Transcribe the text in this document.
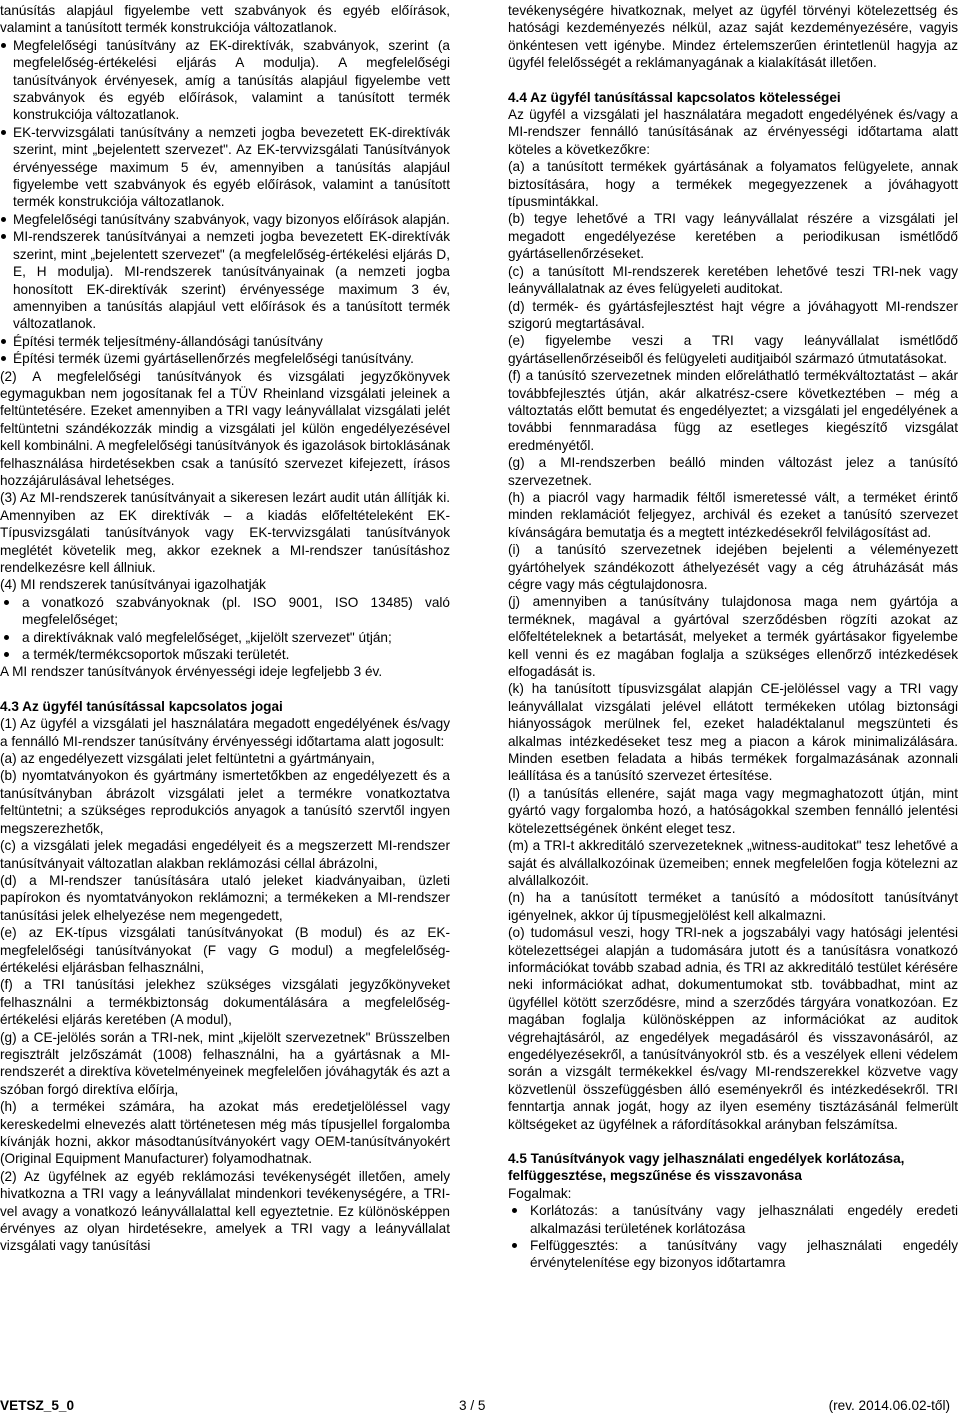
tanúsítás alapjául figyelembe vett szabványok és egyéb előírások, valamint a tanúsított termék konstrukciója változatlanok.

Megfelelőségi tanúsítvány az EK-direktívák, szabványok, szerint (a megfelelőség-értékelési eljárás A modulja). A megfelelőségi tanúsítványok érvényesek, amíg a tanúsítás alapjául figyelembe vett szabványok és egyéb előírások, valamint a tanúsított termék konstrukciója változatlanok.
EK-tervvizsgálati tanúsítvány a nemzeti jogba bevezetett EK-direktívák szerint, mint „bejelentett szervezet". Az EK-tervvizsgálati Tanúsítványok érvényessége maximum 5 év, amennyiben a tanúsítás alapjául figyelembe vett szabványok és egyéb előírások, valamint a tanúsított termék konstrukciója változatlanok.
Megfelelőségi tanúsítvány szabványok, vagy bizonyos előírások alapján.
MI-rendszerek tanúsítványai a nemzeti jogba bevezetett EK-direktívák szerint, mint „bejelentett szervezet" (a megfelelőség-értékelési eljárás D, E, H modulja). MI-rendszerek tanúsítványainak (a nemzeti jogba honosított EK-direktívák szerint) érvényessége maximum 3 év, amennyiben a tanúsítás alapjául vett előírások és a tanúsított termék változatlanok.
Építési termék teljesítmény-állandósági tanúsítvány
Építési termék üzemi gyártásellenőrzés megfelelőségi tanúsítvány.

(2) A megfelelőségi tanúsítványok és vizsgálati jegyzőkönyvek egymagukban nem jogosítanak fel a TÜV Rheinland vizsgálati jeleinek a feltüntetésére. Ezeket amennyiben a TRI vagy leányvállalat vizsgálati jelét feltüntetni szándékozzák mindig a vizsgálati jel külön engedélyezésével kell kombinálni. A megfelelőségi tanúsítványok és igazolások birtoklásának felhasználása hirdetésekben csak a tanúsító szervezet kifejezett, írásos hozzájárulásával lehetséges.

(3) Az MI-rendszerek tanúsítványait a sikeresen lezárt audit után állítják ki. Amennyiben az EK direktívák – a kiadás előfeltételeként EK-Típusvizsgálati tanúsítványok vagy EK-tervvizsgálati tanúsítványok meglétét követelik meg, akkor ezeknek a MI-rendszer tanúsításhoz rendelkezésre kell állniuk.

(4) MI rendszerek tanúsítványai igazolhatják

a vonatkozó szabványoknak (pl. ISO 9001, ISO 13485) való megfelelőséget;
a direktíváknak való megfelelőséget, „kijelölt szervezet" útján;
a termék/termékcsoportok műszaki területét.

A MI rendszer tanúsítványok érvényességi ideje legfeljebb 3 év.

4.3 Az ügyfél tanúsítással kapcsolatos jogai

(1) Az ügyfél a vizsgálati jel használatára megadott engedélyének és/vagy a fennálló MI-rendszer tanúsítvány érvényességi időtartama alatt jogosult:

(a) az engedélyezett vizsgálati jelet feltüntetni a gyártmányain,

(b) nyomtatványokon és gyártmány ismertetőkben az engedélyezett és a tanúsítványban ábrázolt vizsgálati jelet a termékre vonatkoztatva feltüntetni; a szükséges reprodukciós anyagok a tanúsító szervtől ingyen megszerezhetők,

(c) a vizsgálati jelek megadási engedélyeit és a megszerzett MI-rendszer tanúsítványait változatlan alakban reklámozási céllal ábrázolni,

(d) a MI-rendszer tanúsítására utaló jeleket kiadványaiban, üzleti papírokon és nyomtatványokon reklámozni; a termékeken a MI-rendszer tanúsítási jelek elhelyezése nem megengedett,

(e) az EK-típus vizsgálati tanúsítványokat (B modul) és az EK-megfelelőségi tanúsítványokat (F vagy G modul) a megfelelőség-értékelési eljárásban felhasználni,

(f) a TRI tanúsítási jelekhez szükséges vizsgálati jegyzőkönyveket felhasználni a termékbiztonság dokumentálására a megfelelőség-értékelési eljárás keretében (A modul),

(g) a CE-jelölés során a TRI-nek, mint „kijelölt szervezetnek" Brüsszelben regisztrált jelzőszámát (1008) felhasználni, ha a gyártásnak a MI-rendszerét a direktíva követelményeinek megfelelően jóváhagyták és azt a szóban forgó direktíva előírja,

(h) a termékei számára, ha azokat más eredetjelöléssel vagy kereskedelmi elnevezés alatt történetesen még más típusjellel forgalomba kívánják hozni, akkor másodtanúsítványokért vagy OEM-tanúsítványokért (Original Equipment Manufacturer) folyamodhatnak.

(2) Az ügyfélnek az egyéb reklámozási tevékenységét illetően, amely hivatkozna a TRI vagy a leányvállalat mindenkori tevékenységére, a TRI-vel avagy a vonatkozó leányvállalattal kell egyeztetnie. Ez különösképpen érvényes az olyan hirdetésekre, amelyek a TRI vagy a leányvállalat vizsgálati vagy tanúsítási

tevékenységére hivatkoznak, melyet az ügyfél törvényi kötelezettség és hatósági kezdeményezés nélkül, azaz saját kezdeményezésére, vagyis önkéntesen vett igénybe. Mindez értelemszerűen érintetlenül hagyja az ügyfél felelősségét a reklámanyagának a kialakítását illetően.

4.4 Az ügyfél tanúsítással kapcsolatos kötelességei

Az ügyfél a vizsgálati jel használatára megadott engedélyének és/vagy a MI-rendszer fennálló tanúsításának az érvényességi időtartama alatt köteles a következőkre:

(a) a tanúsított termékek gyártásának a folyamatos felügyelete, annak biztosítására, hogy a termékek megegyezzenek a jóváhagyott típusmintákkal.

(b) tegye lehetővé a TRI vagy leányvállalat részére a vizsgálati jel megadott engedélyezése keretében a periodikusan ismétlődő gyártásellenőrzéseket.

(c) a tanúsított MI-rendszerek keretében lehetővé teszi TRI-nek vagy leányvállalatnak az éves felügyeleti auditokat.

(d) termék- és gyártásfejlesztést hajt végre a jóváhagyott MI-rendszer szigorú megtartásával.

(e) figyelembe veszi a TRI vagy leányvállalat ismétlődő gyártásellenőrzéseiből és felügyeleti auditjaiból származó útmutatásokat.

(f) a tanúsító szervezetnek minden előreláthatló termékváltoztatást – akár továbbfejlesztés útján, akár alkatrész-csere következtében – még a változtatás előtt bemutat és engedélyeztet; a vizsgálati jel engedélyének a további fennmaradása függ az esetleges kiegészítő vizsgálat eredményétől.

(g) a MI-rendszerben beálló minden változást jelez a tanúsító szervezetnek.

(h) a piacról vagy harmadik féltől ismeretessé vált, a terméket érintő minden reklamációt feljegyez, archivál és ezeket a tanúsító szervezet kívánságára bemutatja és a megtett intézkedésekről felvilágosítást ad.

(i) a tanúsító szervezetnek idejében bejelenti a véleményezett gyártóhelyek szándékozott áthelyezését vagy a cég átruházását más cégre vagy más cégtulajdonosra.

(j) amennyiben a tanúsítvány tulajdonosa maga nem gyártója a terméknek, magával a gyártóval szerződésben rögzíti azokat az előfeltételeknek a betartását, melyeket a termék gyártásakor figyelembe kell venni és ez magában foglalja a szükséges ellenőrző intézkedések elfogadását is.

(k) ha tanúsított típusvizsgálat alapján CE-jelöléssel vagy a TRI vagy leányvállalat vizsgálati jelével ellátott termékeken utólag biztonsági hiányosságok merülnek fel, ezeket haladéktalanul megszünteti és alkalmas intézkedéseket tesz meg a piacon a károk minimalizálására. Minden esetben feladata a hibás termékek forgalmazásának azonnali leállítása és a tanúsító szervezet értesítése.

(l) a tanúsítás ellenére, saját maga vagy megmaghatozott útján, mint gyártó vagy forgalomba hozó, a hatóságokkal szemben fennálló jelentési kötelezettségének önként eleget tesz.

(m) a TRI-t akkreditáló szervezeteknek „witness-auditokat" tesz lehetővé a saját és alvállalkozóinak üzemeiben; ennek megfelelően fogja kötelezni az alvállalkozóit.

(n) ha a tanúsított terméket a tanúsító a módosított tanúsítványt igényelnek, akkor új típusmegjelölést kell alkalmazni.

(o) tudomásul veszi, hogy TRI-nek a jogszabályi vagy hatósági jelentési kötelezettségei alapján a tudomására jutott és a tanúsításra vonatkozó információkat tovább szabad adnia, és TRI az akkreditáló testület kérésére neki információkat adhat, dokumentumokat stb. továbbadhat, mint az ügyféllel kötött szerződésre, mind a szerződés tárgyára vonatkozóan. Ez magában foglalja különösképpen az információkat az auditok végrehajtásáról, az engedélyek megadásáról és visszavonásáról, az engedélyezésekről, a tanúsítványokról stb. és a veszélyek elleni védelem során a vizsgált termékekkel és/vagy MI-rendszerekkel közvetve vagy közvetlenül összefüggésben álló eseményekről és intézkedésekről. TRI fenntartja annak jogát, hogy az ilyen esemény tisztázásánál felmerült költségeket az ügyfélnek a ráfordításokkal arányban felszámítsa.

4.5 Tanúsítványok vagy jelhasználati engedélyek korlátozása, felfüggesztése, megszűnése és visszavonása

Fogalmak:

Korlátozás: a tanúsítvány vagy jelhasználati engedély eredeti alkalmazási területének korlátozása
Felfüggesztés: a tanúsítvány vagy jelhasználati engedély érvénytelenítése egy bizonyos időtartamra
VETSZ_5_0	3 / 5	(rev. 2014.06.02-től)
